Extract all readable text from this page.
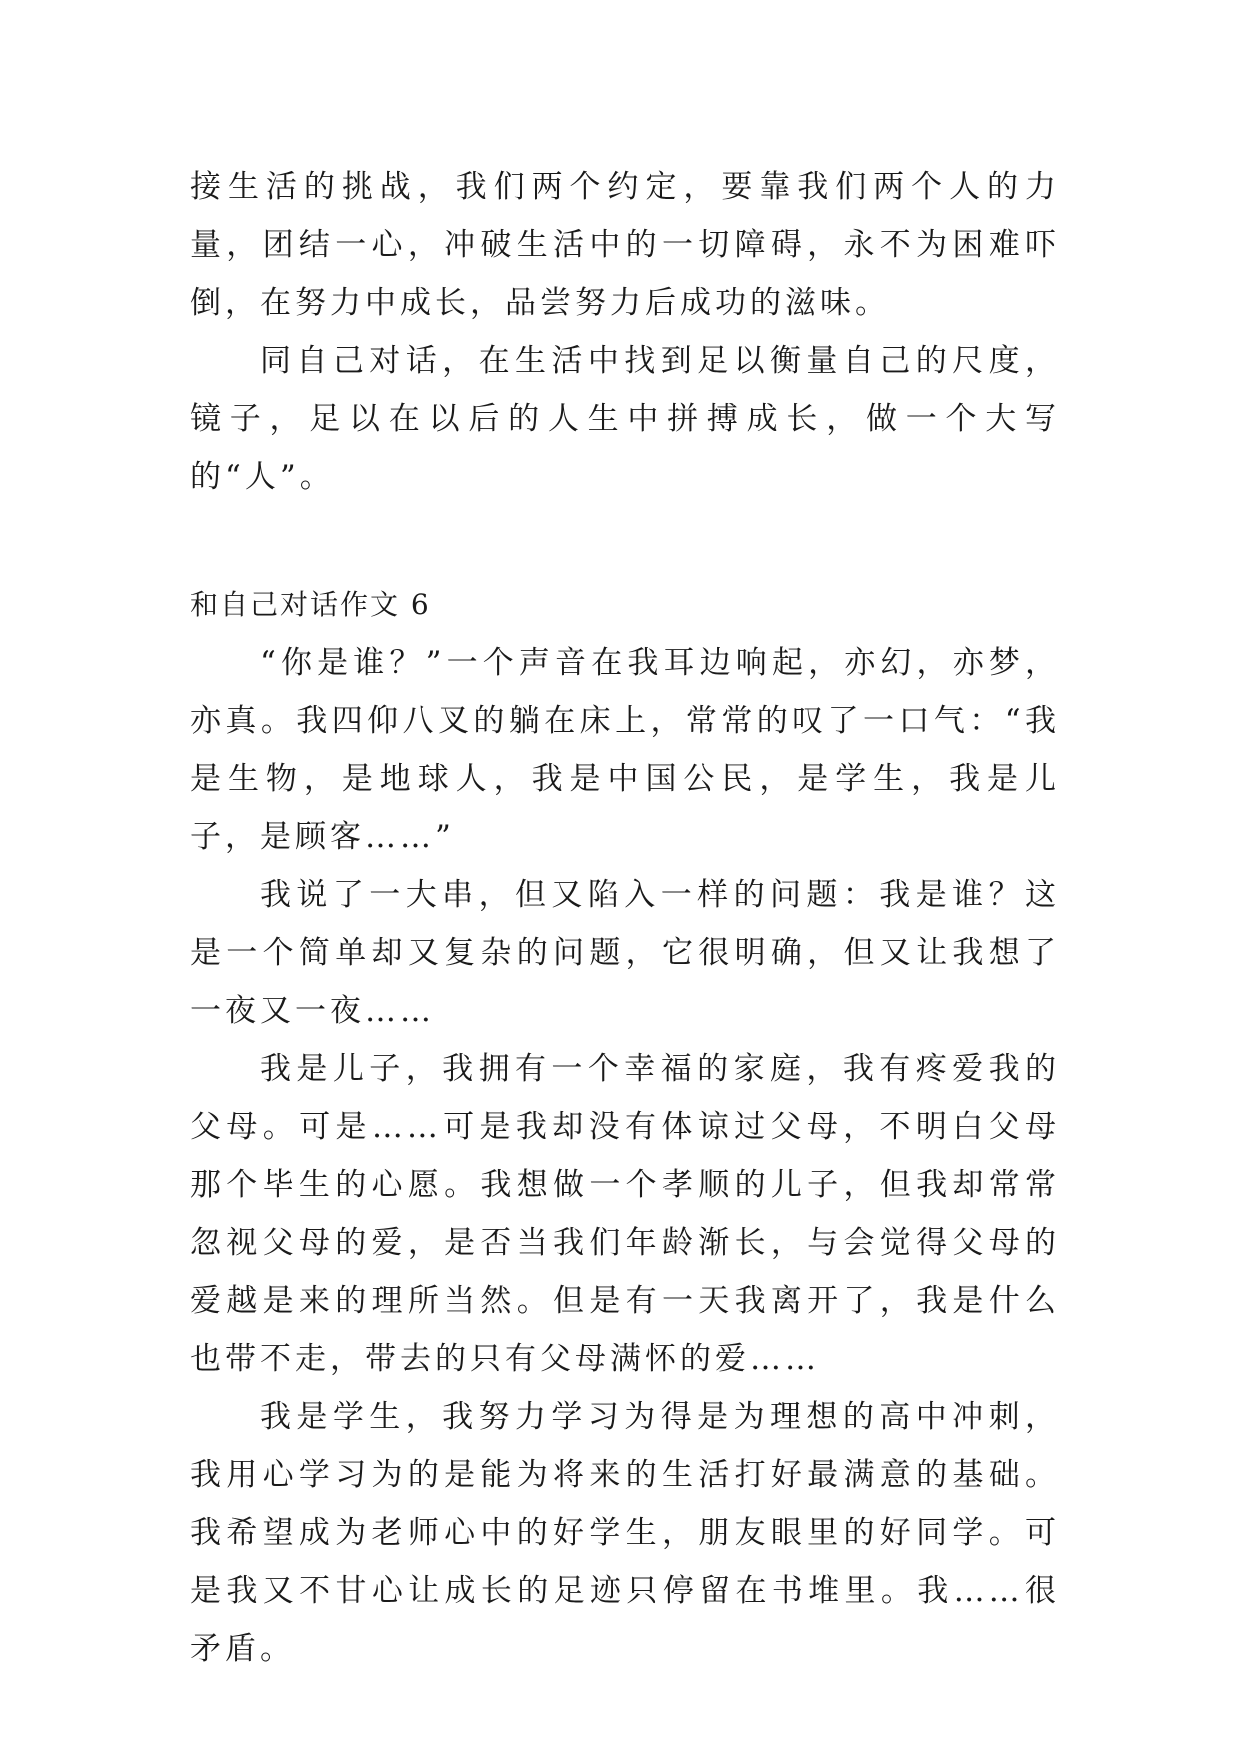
接生活的挑战，我们两个约定，要靠我们两个人的力量，团结一心，冲破生活中的一切障碍，永不为困难吓倒，在努力中成长，品尝努力后成功的滋味。

同自己对话，在生活中找到足以衡量自己的尺度，镜子，足以在以后的人生中拼搏成长，做一个大写的“人”。

和自己对话作文 6

“你是谁？”一个声音在我耳边响起，亦幻，亦梦，亦真。我四仰八叉的躺在床上，常常的叹了一口气：“我是生物，是地球人，我是中国公民，是学生，我是儿子，是顾客……”

我说了一大串，但又陷入一样的问题：我是谁？这是一个简单却又复杂的问题，它很明确，但又让我想了一夜又一夜……

我是儿子，我拥有一个幸福的家庭，我有疼爱我的父母。可是……可是我却没有体谅过父母，不明白父母那个毕生的心愿。我想做一个孝顺的儿子，但我却常常忽视父母的爱，是否当我们年龄渐长，与会觉得父母的爱越是来的理所当然。但是有一天我离开了，我是什么也带不走，带去的只有父母满怀的爱……

我是学生，我努力学习为得是为理想的高中冲刺，我用心学习为的是能为将来的生活打好最满意的基础。我希望成为老师心中的好学生，朋友眼里的好同学。可是我又不甘心让成长的足迹只停留在书堆里。我……很矛盾。
